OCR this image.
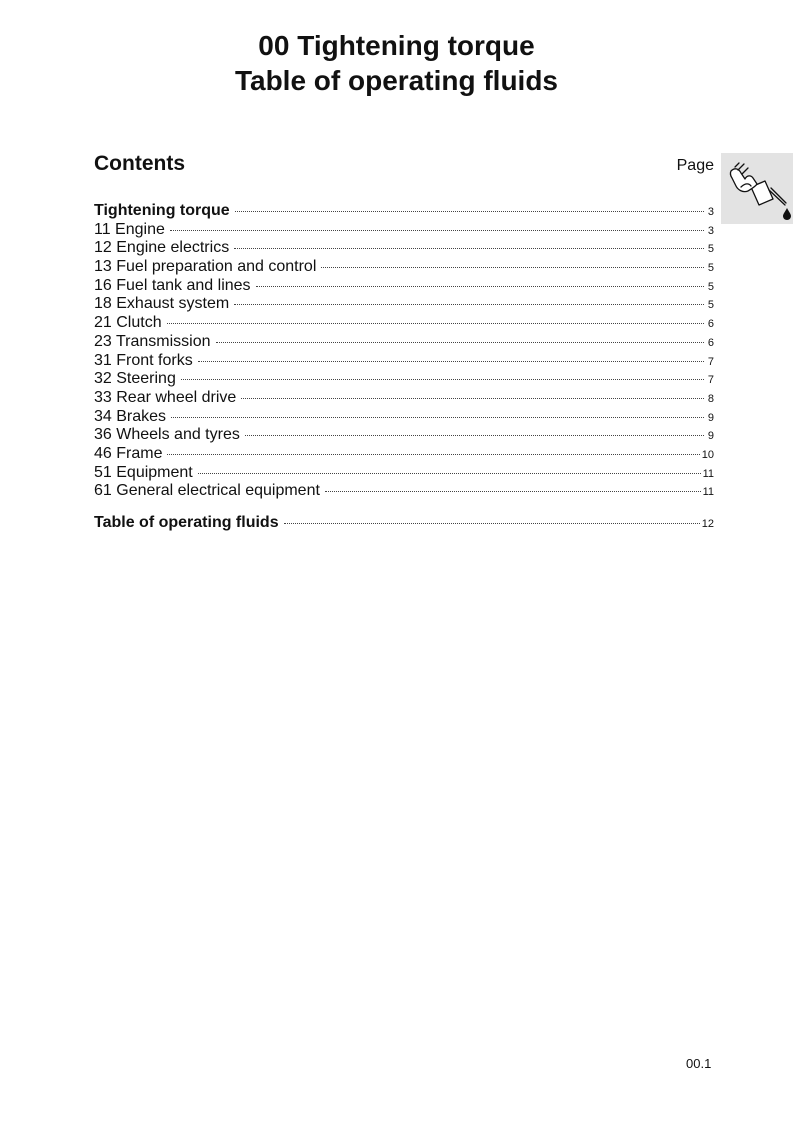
00 Tightening torque
Table of operating fluids
Contents	Page
Tightening torque	3
11 Engine	3
12 Engine electrics	5
13 Fuel preparation and control	5
16 Fuel tank and lines	5
18 Exhaust system	5
21 Clutch	6
23 Transmission	6
31 Front forks	7
32 Steering	7
33 Rear wheel drive	8
34 Brakes	9
36 Wheels and tyres	9
46 Frame	10
51 Equipment	11
61 General electrical equipment	11
Table of operating fluids	12
00.1
